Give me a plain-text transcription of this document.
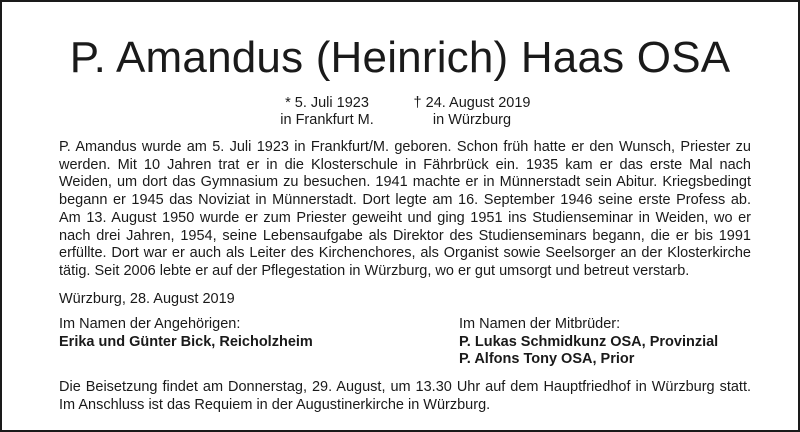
P. Amandus (Heinrich) Haas OSA
* 5. Juli 1923
in Frankfurt M.
† 24. August 2019
in Würzburg

P. Amandus wurde am 5. Juli 1923 in Frankfurt/M. geboren. Schon früh hatte er den Wunsch, Priester zu werden. Mit 10 Jahren trat er in die Klosterschule in Fährbrück ein. 1935 kam er das erste Mal nach Weiden, um dort das Gymnasium zu besuchen. 1941 machte er in Münnerstadt sein Abitur. Kriegsbedingt begann er 1945 das Noviziat in Münnerstadt. Dort legte am 16. September 1946 seine erste Profess ab. Am 13. August 1950 wurde er zum Priester geweiht und ging 1951 ins Studienseminar in Weiden, wo er nach drei Jahren, 1954, seine Lebensaufgabe als Direktor des Studienseminars begann, die er bis 1991 erfüllte. Dort war er auch als Leiter des Kirchenchores, als Organist sowie Seelsorger an der Klosterkirche tätig. Seit 2006 lebte er auf der Pflegestation in Würzburg, wo er gut umsorgt und betreut verstarb.

Würzburg, 28. August 2019
Im Namen der Angehörigen:
Erika und Günter Bick, Reicholzheim
Im Namen der Mitbrüder:
P. Lukas Schmidkunz OSA, Provinzial
P. Alfons Tony OSA, Prior

Die Beisetzung findet am Donnerstag, 29. August, um 13.30 Uhr auf dem Hauptfriedhof in Würzburg statt. Im Anschluss ist das Requiem in der Augustinerkirche in Würzburg.
